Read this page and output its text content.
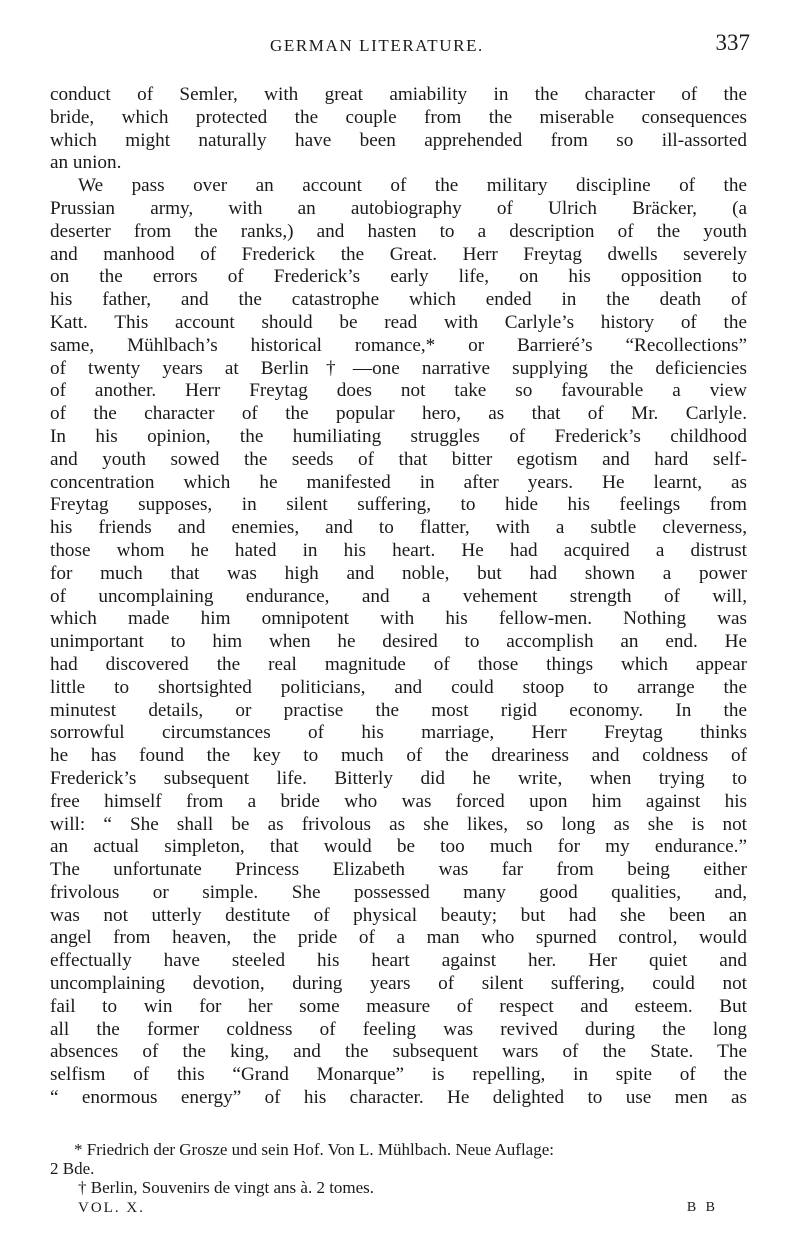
GERMAN LITERATURE.	337
conduct of Semler, with great amiability in the character of the
bride, which protected the couple from the miserable consequences
which might naturally have been apprehended from so ill-assorted
an union.
We pass over an account of the military discipline of the
Prussian army, with an autobiography of Ulrich Bräcker, (a
deserter from the ranks,) and hasten to a description of the youth
and manhood of Frederick the Great. Herr Freytag dwells severely
on the errors of Frederick’s early life, on his opposition to
his father, and the catastrophe which ended in the death of
Katt. This account should be read with Carlyle’s history of the
same, Mühlbach’s historical romance,* or Barrieré’s “Recollections”
of twenty years at Berlin†—one narrative supplying the deficiencies
of another. Herr Freytag does not take so favourable a view
of the character of the popular hero, as that of Mr. Carlyle.
In his opinion, the humiliating struggles of Frederick’s childhood
and youth sowed the seeds of that bitter egotism and hard self-
concentration which he manifested in after years. He learnt, as
Freytag supposes, in silent suffering, to hide his feelings from
his friends and enemies, and to flatter, with a subtle cleverness,
those whom he hated in his heart. He had acquired a distrust
for much that was high and noble, but had shown a power
of uncomplaining endurance, and a vehement strength of will,
which made him omnipotent with his fellow-men. Nothing was
unimportant to him when he desired to accomplish an end. He
had discovered the real magnitude of those things which appear
little to shortsighted politicians, and could stoop to arrange the
minutest details, or practise the most rigid economy. In the
sorrowful circumstances of his marriage, Herr Freytag thinks
he has found the key to much of the dreariness and coldness of
Frederick’s subsequent life. Bitterly did he write, when trying to
free himself from a bride who was forced upon him against his
will: “ She shall be as frivolous as she likes, so long as she is not
an actual simpleton, that would be too much for my endurance.”
The unfortunate Princess Elizabeth was far from being either
frivolous or simple. She possessed many good qualities, and,
was not utterly destitute of physical beauty; but had she been an
angel from heaven, the pride of a man who spurned control, would
effectually have steeled his heart against her. Her quiet and
uncomplaining devotion, during years of silent suffering, could not
fail to win for her some measure of respect and esteem. But
all the former coldness of feeling was revived during the long
absences of the king, and the subsequent wars of the State. The
selfism of this “Grand Monarque” is repelling, in spite of the
“ enormous energy” of his character. He delighted to use men as
* Friedrich der Grosze und sein Hof. Von L. Mühlbach. Neue Auflage:
2 Bde.
† Berlin, Souvenirs de vingt ans à. 2 tomes.
VOL. X.	B B
